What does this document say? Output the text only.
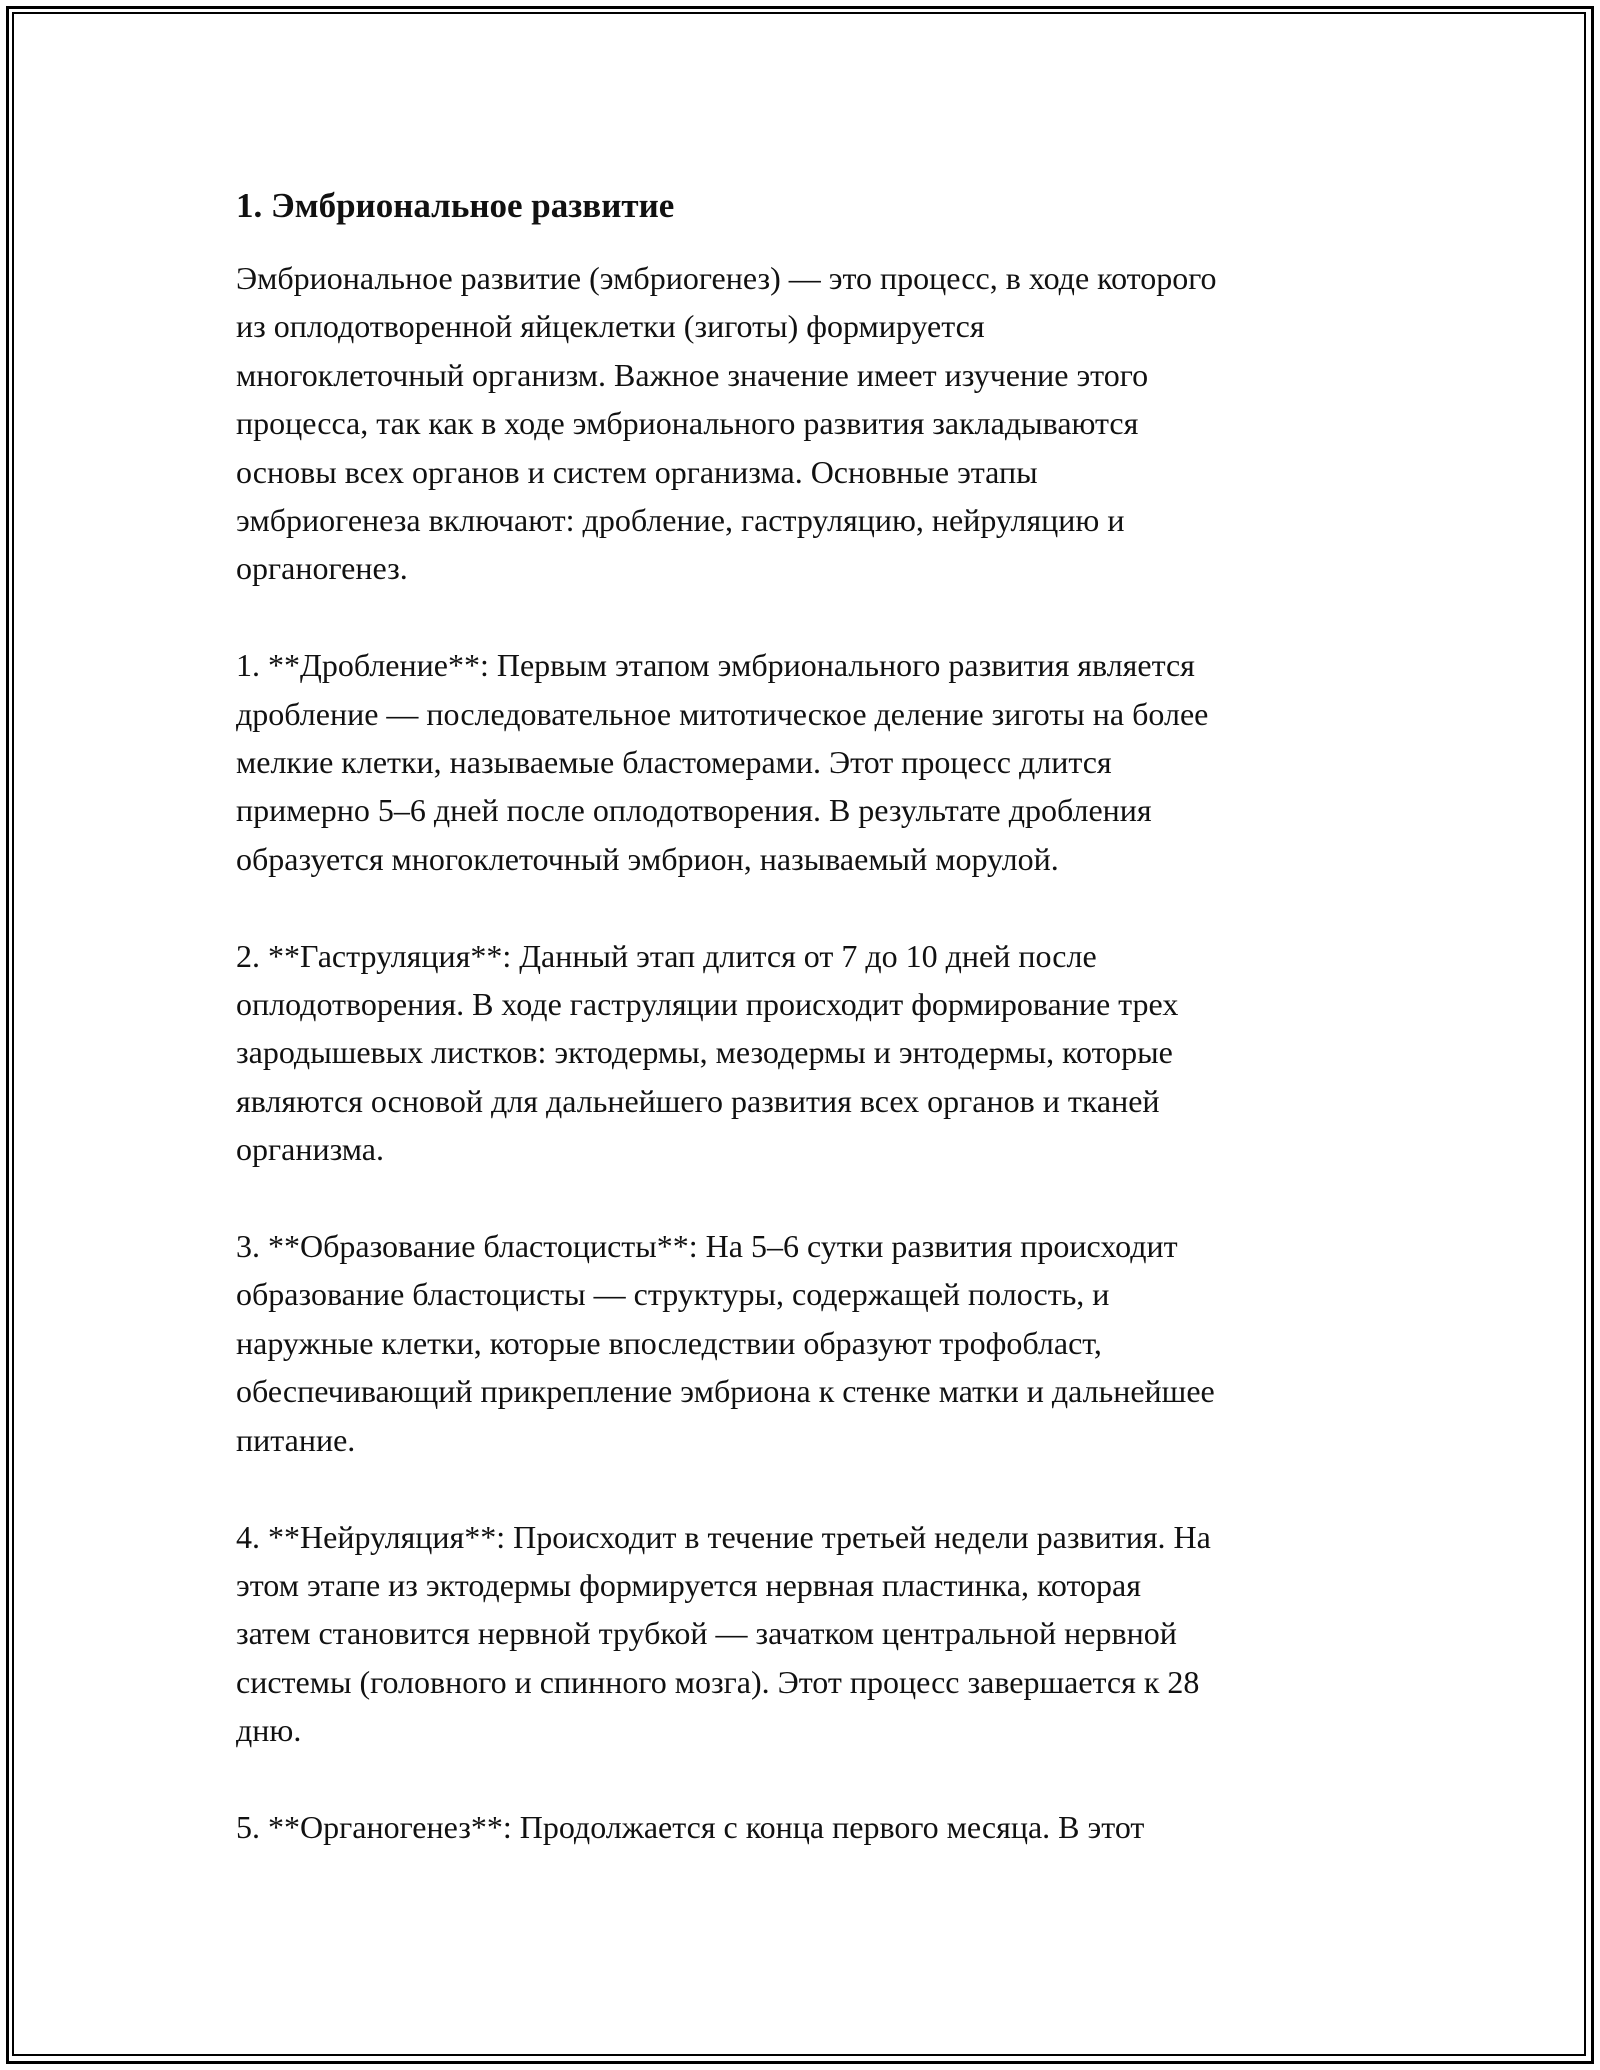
1. Эмбриональное развитие
Эмбриональное развитие (эмбриогенез) — это процесс, в ходе которого
из оплодотворенной яйцеклетки (зиготы) формируется
многоклеточный организм. Важное значение имеет изучение этого
процесса, так как в ходе эмбрионального развития закладываются
основы всех органов и систем организма. Основные этапы
эмбриогенеза включают: дробление, гаструляцию, нейруляцию и
органогенез.
1. **Дробление**: Первым этапом эмбрионального развития является
дробление — последовательное митотическое деление зиготы на более
мелкие клетки, называемые бластомерами. Этот процесс длится
примерно 5–6 дней после оплодотворения. В результате дробления
образуется многоклеточный эмбрион, называемый морулой.
2. **Гаструляция**: Данный этап длится от 7 до 10 дней после
оплодотворения. В ходе гаструляции происходит формирование трех
зародышевых листков: эктодермы, мезодермы и энтодермы, которые
являются основой для дальнейшего развития всех органов и тканей
организма.
3. **Образование бластоцисты**: На 5–6 сутки развития происходит
образование бластоцисты — структуры, содержащей полость, и
наружные клетки, которые впоследствии образуют трофобласт,
обеспечивающий прикрепление эмбриона к стенке матки и дальнейшее
питание.
4. **Нейруляция**: Происходит в течение третьей недели развития. На
этом этапе из эктодермы формируется нервная пластинка, которая
затем становится нервной трубкой — зачатком центральной нервной
системы (головного и спинного мозга). Этот процесс завершается к 28
дню.
5. **Органогенез**: Продолжается с конца первого месяца. В этот
